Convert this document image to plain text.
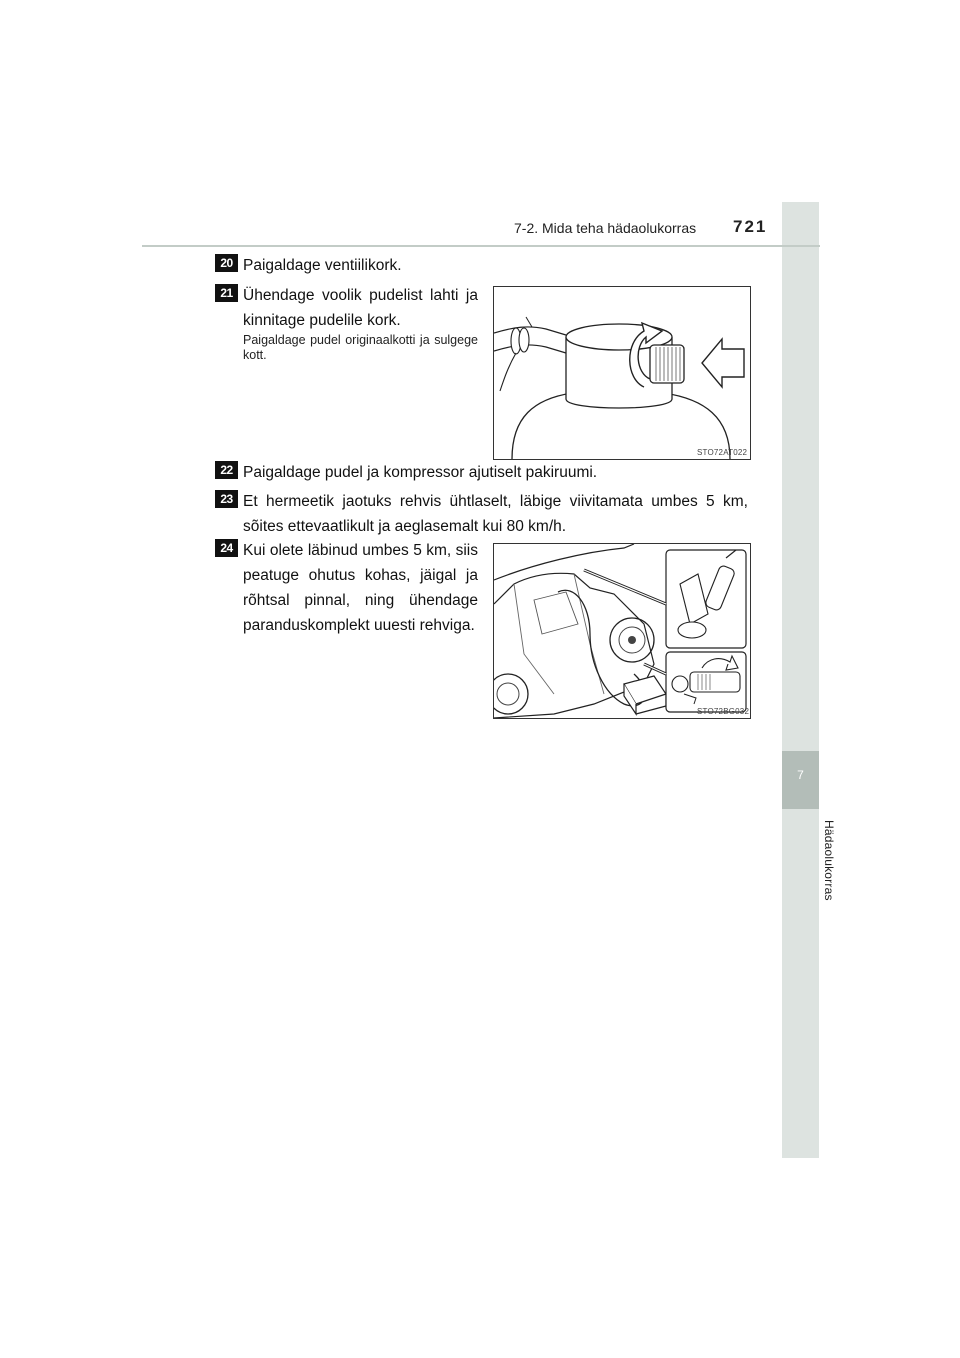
7
Hädaolukorras
7-2. Mida teha hädaolukorras 721
20 Paigaldage ventiilikork.
21 Ühendage voolik pudelist lahti ja kinnitage pudelile kork.
Paigaldage pudel originaalkotti ja sulgege kott.
STO72AT022
22 Paigaldage pudel ja kompressor ajutiselt pakiruumi.
23 Et hermeetik jaotuks rehvis ühtlaselt, läbige viivitamata umbes 5 km, sõites ettevaatlikult ja aeglasemalt kui 80 km/h.
24 Kui olete läbinud umbes 5 km, siis peatuge ohutus kohas, jäigal ja rõhtsal pinnal, ning ühendage paranduskomplekt uuesti rehviga.
STO72BG032
